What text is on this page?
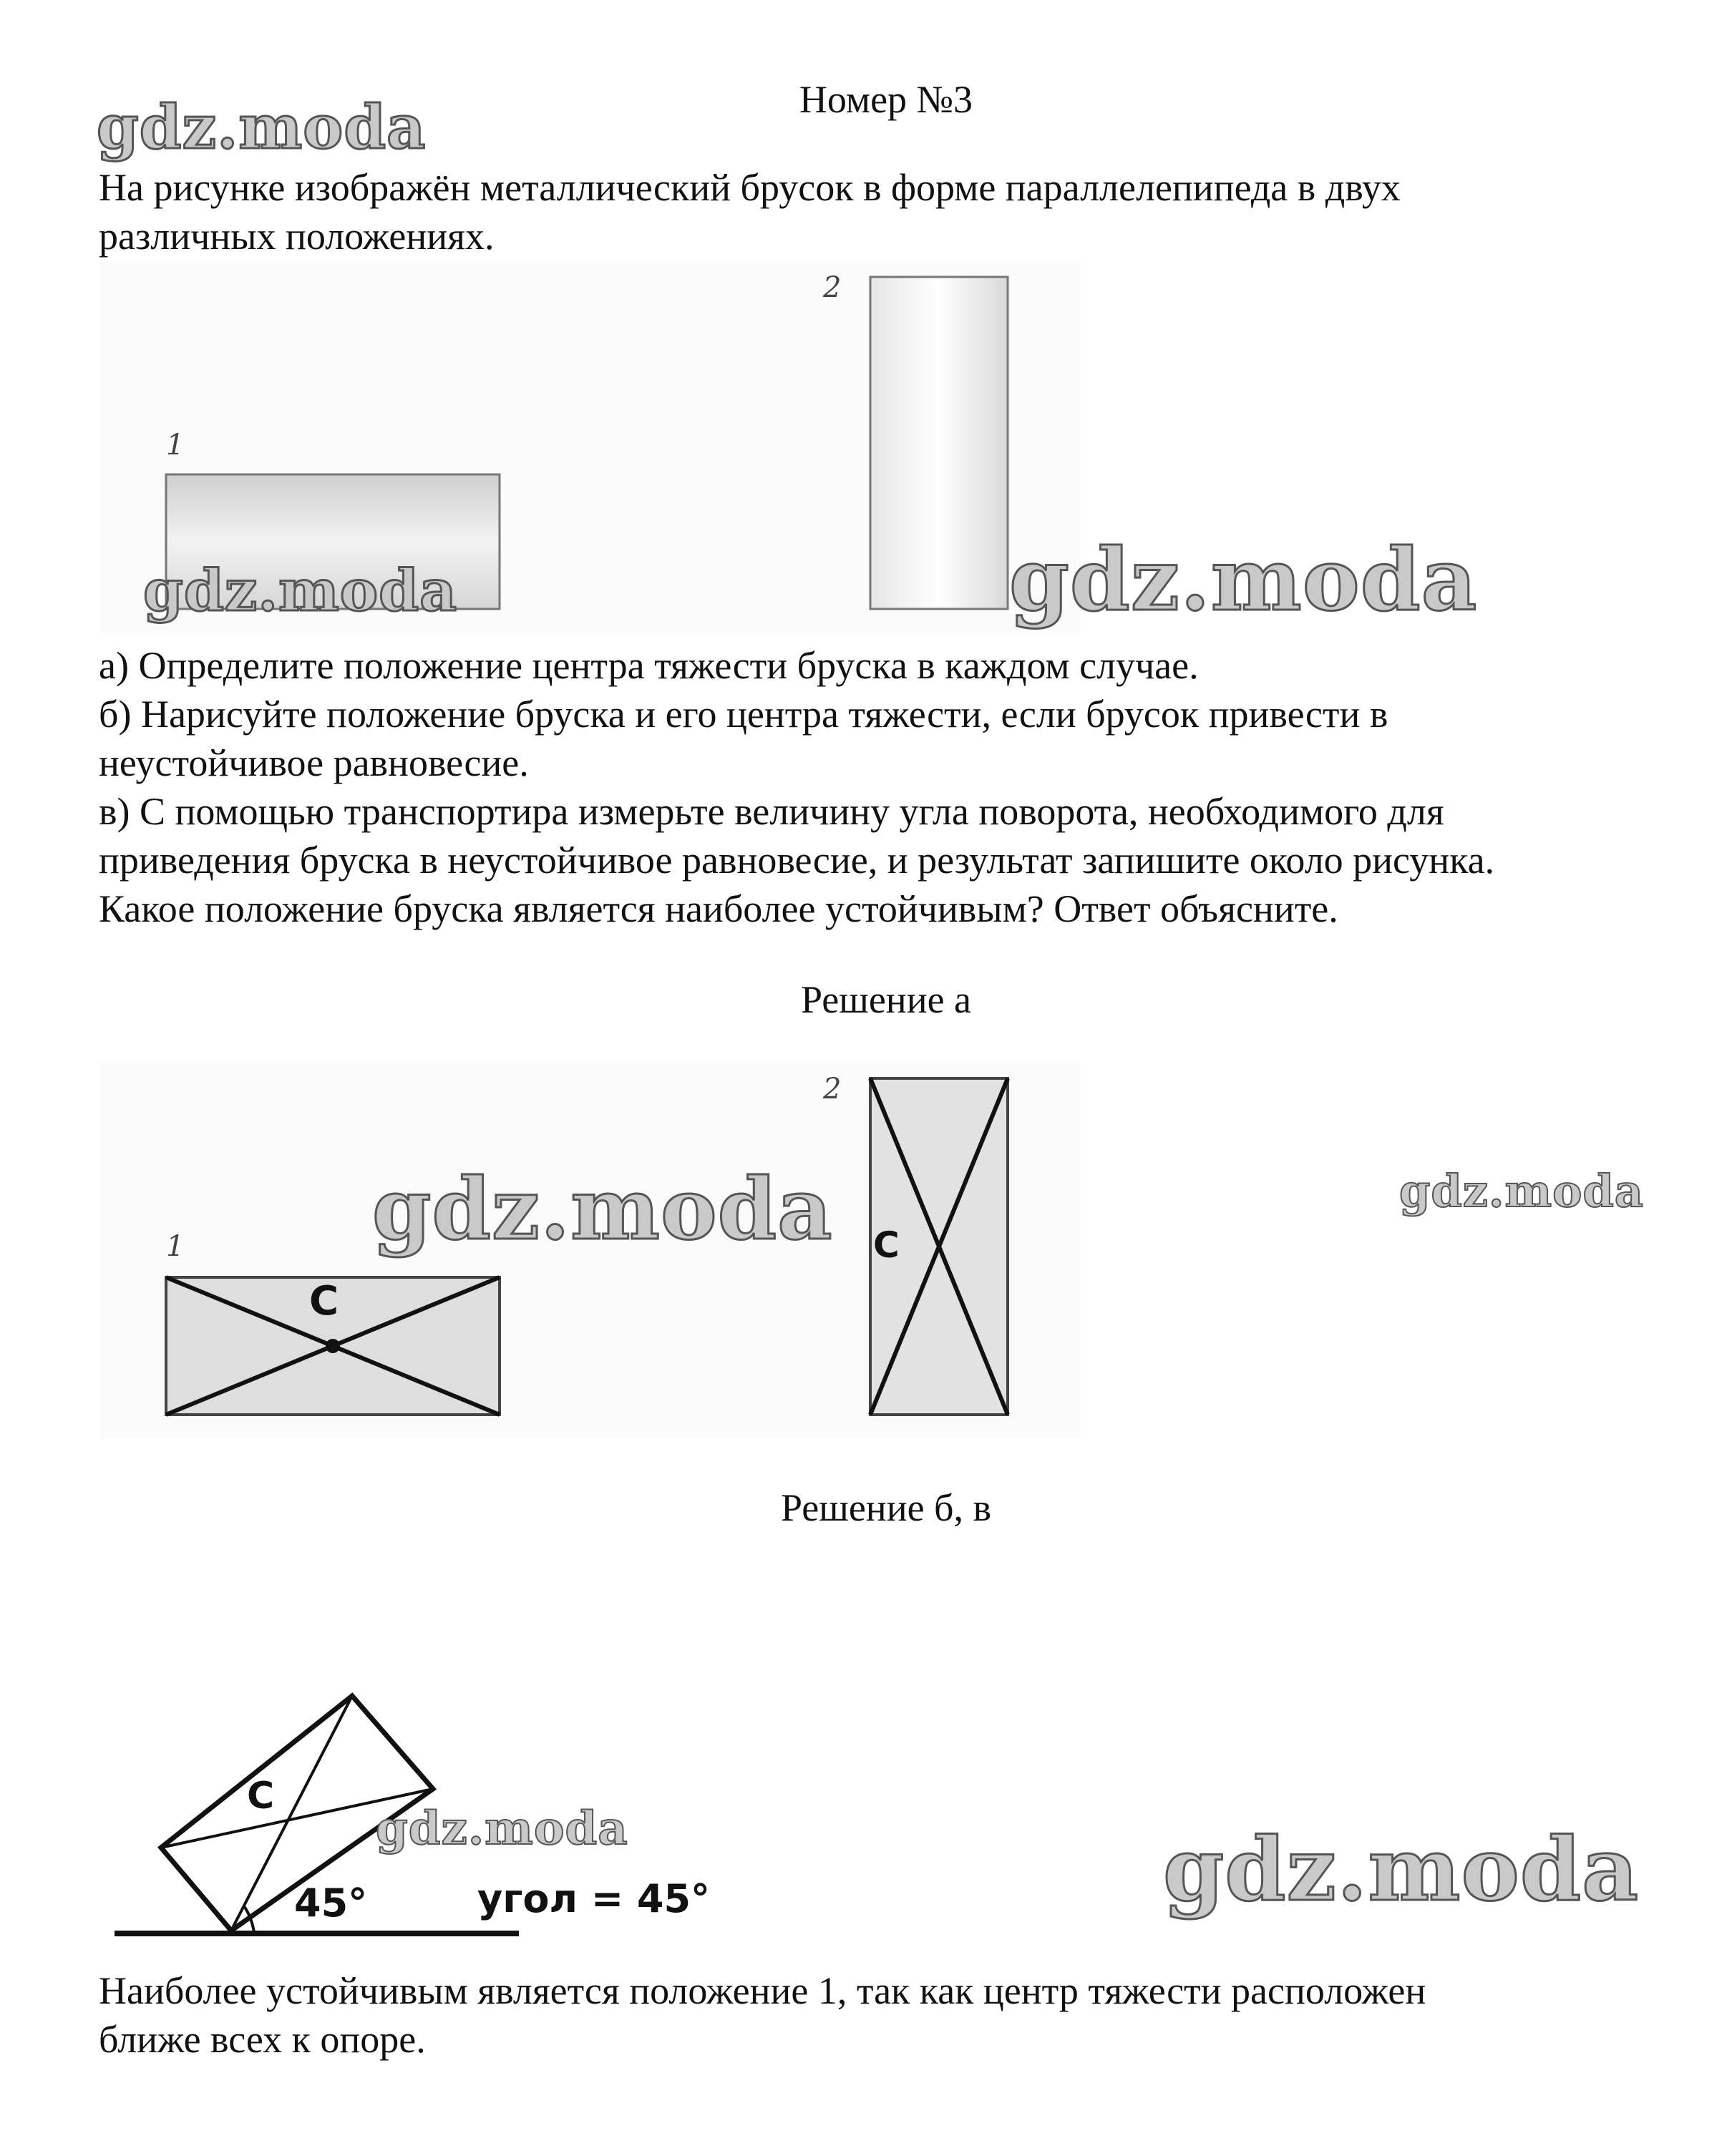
Номер №3

На рисунке изображён металлический брусок в форме параллелепипеда в двух
различных положениях.

1
2

а) Определите положение центра тяжести бруска в каждом случае.
б) Нарисуйте положение бруска и его центра тяжести, если брусок привести в
неустойчивое равновесие.
в) С помощью транспортира измерьте величину угла поворота, необходимого для
приведения бруска в неустойчивое равновесие, и результат запишите около рисунка.
Какое положение бруска является наиболее устойчивым? Ответ объясните.

Решение а
C
C
1
2
Решение б, в
C
45°	угол = 45°

Наиболее устойчивым является положение 1, так как центр тяжести расположен
ближе всех к опоре.

gdz.moda
gdz.moda	gdz.moda
gdz.moda	gdz.moda
gdz.moda	gdz.moda
